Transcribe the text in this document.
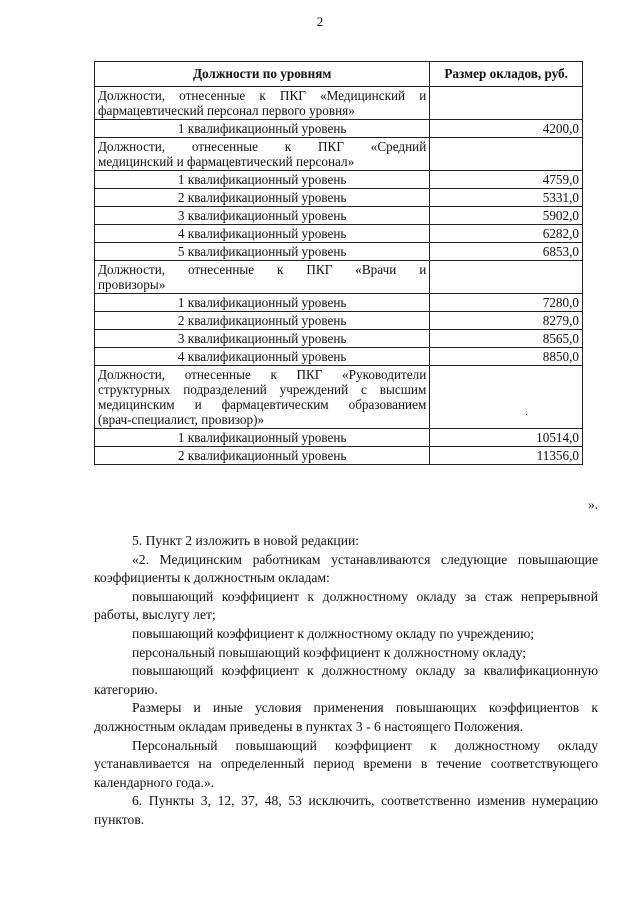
2
Должности по уровням	Размер окладов, руб.
Должности, отнесенные к ПКГ «Медицинский и

фармацевтический персонал первого уровня»	

1 квалификационный уровень	4200,0
Должности, отнесенные к ПКГ «Средний

медицинский и фармацевтический персонал»	

1 квалификационный уровень	4759,0
2 квалификационный уровень	5331,0
3 квалификационный уровень	5902,0
4 квалификационный уровень	6282,0
5 квалификационный уровень	6853,0
Должности, отнесенные к ПКГ «Врачи и

провизоры»	

1 квалификационный уровень	7280,0
2 квалификационный уровень	8279,0
3 квалификационный уровень	8565,0
4 квалификационный уровень	8850,0
Должности, отнесенные к ПКГ «Руководители
структурных подразделений учреждений с высшим
медицинским и фармацевтическим образованием

(врач-специалист, провизор)»	.

1 квалификационный уровень	10514,0
2 квалификационный уровень	11356,0
».

5. Пункт 2 изложить в новой редакции:

«2. Медицинским работникам устанавливаются следующие повышающие коэффициенты к должностным окладам:

повышающий коэффициент к должностному окладу за стаж непрерывной работы, выслугу лет;

повышающий коэффициент к должностному окладу по учреждению;

персональный повышающий коэффициент к должностному окладу;

повышающий коэффициент к должностному окладу за квалификационную категорию.

Размеры и иные условия применения повышающих коэффициентов к должностным окладам приведены в пунктах 3 - 6 настоящего Положения.

Персональный повышающий коэффициент к должностному окладу устанавливается на определенный период времени в течение соответствующего календарного года.».

6. Пункты 3, 12, 37, 48, 53 исключить, соответственно изменив нумерацию пунктов.
